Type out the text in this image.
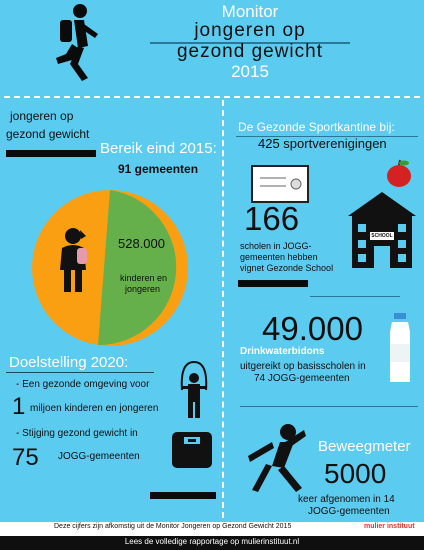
Monitor
jongeren op
gezond gewicht
2015
jongeren op
gezond gewicht
Bereik eind 2015:
91 gemeenten
528.000
kinderen en
jongeren
Doelstelling 2020:
- Een gezonde omgeving voor
1 miljoen kinderen en jongeren
- Stijging gezond gewicht in
75 JOGG-gemeenten
De Gezonde Sportkantine bij:
425 sportverenigingen
166
scholen in JOGG-
gemeenten hebben
vignet Gezonde School
SCHOOL
49.000
Drinkwaterbidons
uitgereikt op basisscholen in
74 JOGG-gemeenten
Beweegmeter
5000
keer afgenomen in 14
JOGG-gemeenten
Deze cijfers zijn afkomstig uit de Monitor Jongeren op Gezond Gewicht 2015	mulier instituut
Lees de volledige rapportage op mulierinstituut.nl
